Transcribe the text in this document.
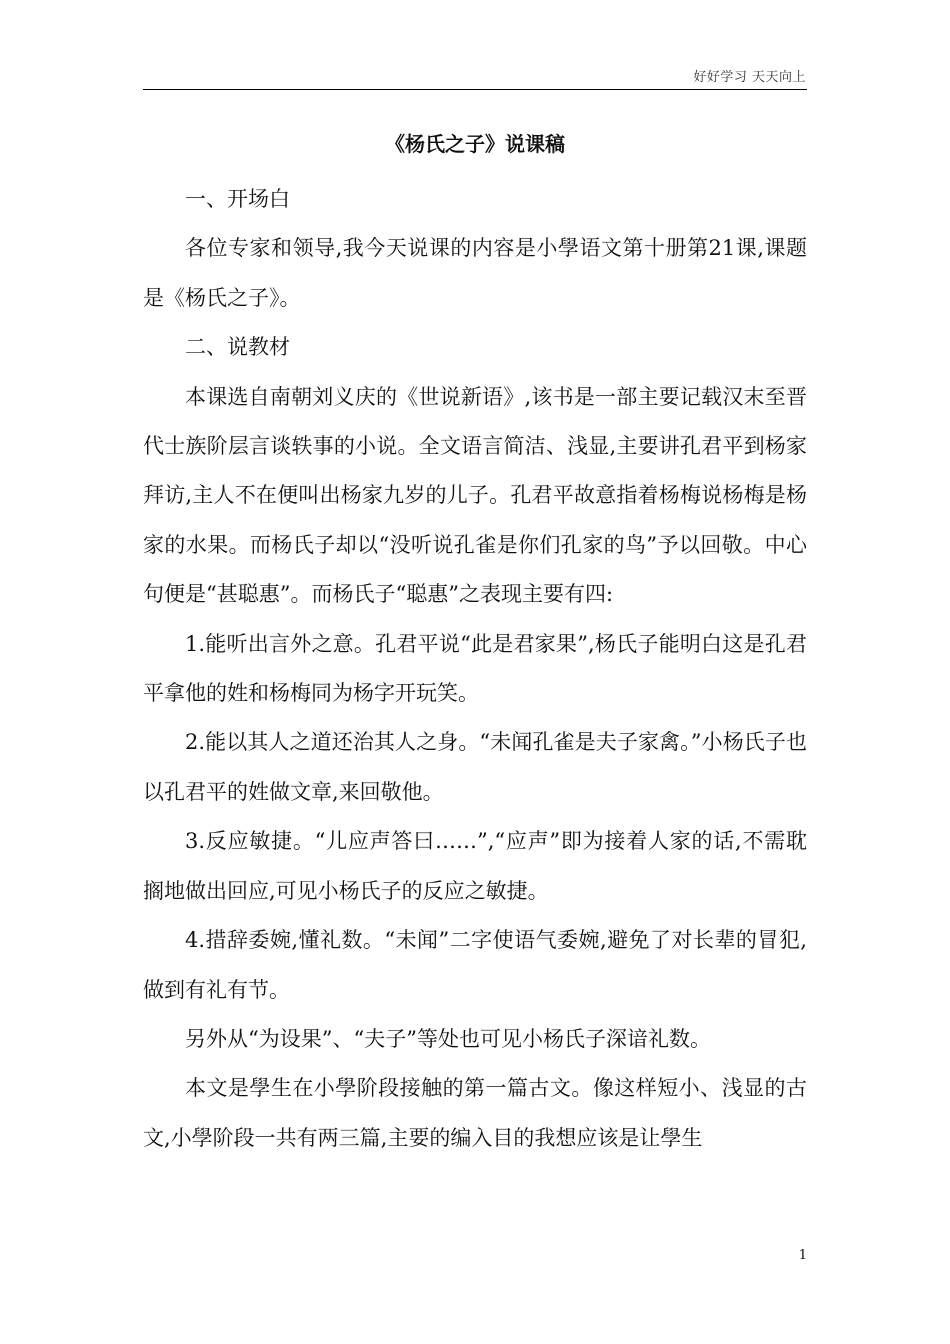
好好学习 天天向上
《杨氏之子》说课稿

一、开场白

各位专家和领导,我今天说课的内容是小學语文第十册第21课,课题是《杨氏之子》。

二、说教材

本课选自南朝刘义庆的《世说新语》,该书是一部主要记载汉末至晋代士族阶层言谈轶事的小说。全文语言简洁、浅显,主要讲孔君平到杨家拜访,主人不在便叫出杨家九岁的儿子。孔君平故意指着杨梅说杨梅是杨家的水果。而杨氏子却以“没听说孔雀是你们孔家的鸟”予以回敬。中心句便是“甚聪惠”。而杨氏子“聪惠”之表现主要有四:

1.能听出言外之意。孔君平说“此是君家果”,杨氏子能明白这是孔君平拿他的姓和杨梅同为杨字开玩笑。

2.能以其人之道还治其人之身。“未闻孔雀是夫子家禽。”小杨氏子也以孔君平的姓做文章,来回敬他。

3.反应敏捷。“儿应声答曰……”,“应声”即为接着人家的话,不需耽搁地做出回应,可见小杨氏子的反应之敏捷。

4.措辞委婉,懂礼数。“未闻”二字使语气委婉,避免了对长辈的冒犯,做到有礼有节。

另外从“为设果”、“夫子”等处也可见小杨氏子深谙礼数。

本文是學生在小學阶段接触的第一篇古文。像这样短小、浅显的古文,小學阶段一共有两三篇,主要的编入目的我想应该是让學生

1
